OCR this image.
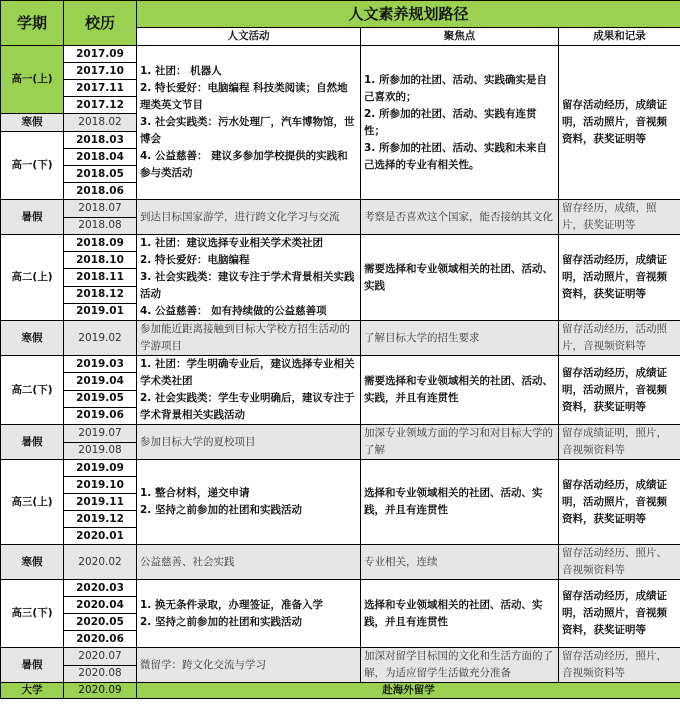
学期	校历	人文素养规划路径		
		人文活动	聚焦点	成果和记录
高一(上)	2017.09	1. 社团： 机器人
2. 特长爱好：电脑编程 科技类阅读；自然地理类英文节目
3. 社会实践类：污水处理厂，汽车博物馆，世博会
4. 公益慈善： 建议多参加学校提供的实践和参与类活动	1. 所参加的社团、活动、实践确实是自己喜欢的；
2. 所参加的社团、活动、实践有连贯性；
3. 所参加的社团、活动、实践和未来自己选择的专业有相关性。	留存活动经历，成绩证明，活动照片，音视频资料，获奖证明等

	2017.10			
	2017.11			
	2017.12			
寒假	2018.02			
高一(下)	2018.03			
	2018.04			
	2018.05			
	2018.06			
暑假	2018.07	到达目标国家游学，进行跨文化学习与交流	考察是否喜欢这个国家，能否接纳其文化	留存经历，成绩，照片，获奖证明等
	2018.08			
高二(上)	2018.09	1. 社团：建议选择专业相关学术类社团
2. 特长爱好：电脑编程
3. 社会实践类：建议专注于学术背景相关实践活动
4. 公益慈善： 如有持续做的公益慈善项	需要选择和专业领域相关的社团、活动、实践	留存活动经历，成绩证明，活动照片，音视频资料，获奖证明等
	2018.10			
	2018.11			
	2018.12			
	2019.01			
寒假	2019.02	参加能近距离接触到目标大学校方招生活动的学游项目	了解目标大学的招生要求	留存活动经历，活动照片，音视频资料等
高二(下)	2019.03	1. 社团：学生明确专业后，建议选择专业相关学术类社团
2. 社会实践类：学生专业明确后，建议专注于学术背景相关实践活动	需要选择和专业领域相关的社团、活动、实践，并且有连贯性	留存活动经历，成绩证明，活动照片，音视频资料，获奖证明等
	2019.04			
	2019.05			
	2019.06			
暑假	2019.07	参加目标大学的夏校项目	加深专业领域方面的学习和对目标大学的了解	留存成绩证明，照片，音视频资料等
	2019.08			
高三(上)	2019.09	1. 整合材料，递交申请
2. 坚持之前参加的社团和实践活动	选择和专业领域相关的社团、活动、实践，并且有连贯性	留存活动经历，成绩证明，活动照片，音视频资料，获奖证明等
	2019.10			
	2019.11			
	2019.12			
	2020.01			
寒假	2020.02	公益慈善、社会实践	专业相关，连续	留存活动经历、照片、音视频资料等
高三(下)	2020.03	1. 换无条件录取，办理签证，准备入学
2. 坚持之前参加的社团和实践活动	选择和专业领域相关的社团、活动、实践，并且有连贯性	留存活动经历，成绩证明，活动照片，音视频资料，获奖证明等
	2020.04			
	2020.05			
	2020.06			
暑假	2020.07	微留学：跨文化交流与学习	加深对留学目标国的文化和生活方面的了解，为适应留学生活做充分准备	留存活动经历，照片，音视频资料等
	2020.08			
大学	2020.09	赴海外留学		
